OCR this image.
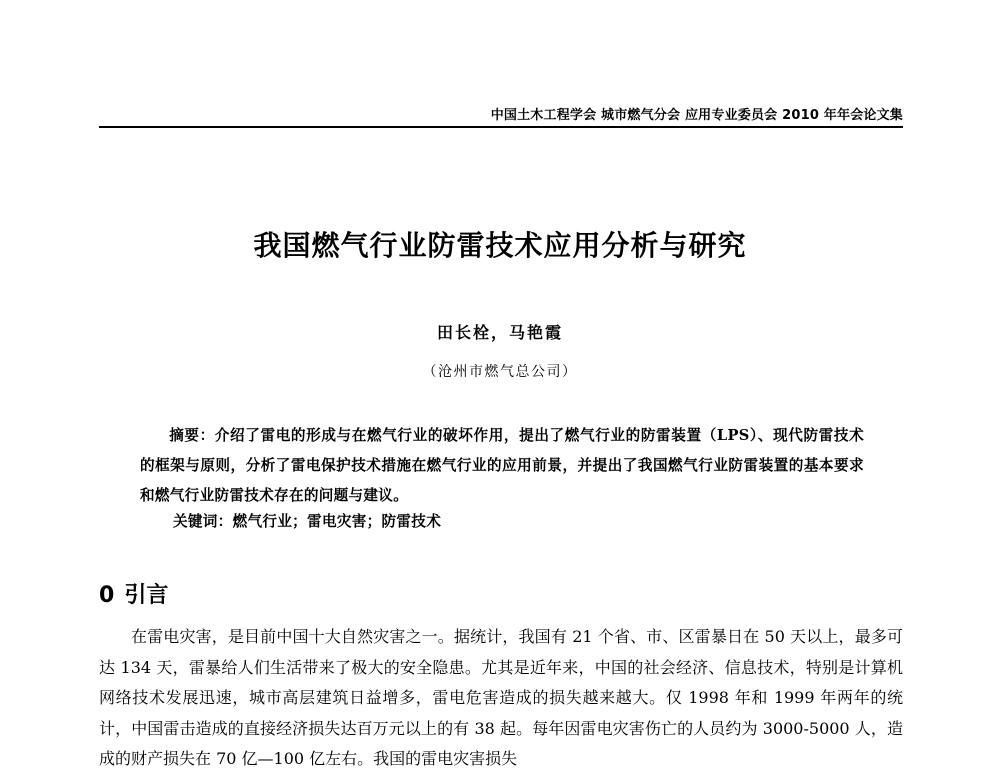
中国土木工程学会 城市燃气分会 应用专业委员会 2010 年年会论文集
我国燃气行业防雷技术应用分析与研究
田长栓，马艳霞
（沧州市燃气总公司）
摘要：介绍了雷电的形成与在燃气行业的破坏作用，提出了燃气行业的防雷装置（LPS）、现代防雷技术的框架与原则，分析了雷电保护技术措施在燃气行业的应用前景，并提出了我国燃气行业防雷装置的基本要求和燃气行业防雷技术存在的问题与建议。
关键词：燃气行业；雷电灾害；防雷技术
0 引言
在雷电灾害，是目前中国十大自然灾害之一。据统计，我国有 21 个省、市、区雷暴日在 50 天以上，最多可达 134 天，雷暴给人们生活带来了极大的安全隐患。尤其是近年来，中国的社会经济、信息技术，特别是计算机网络技术发展迅速，城市高层建筑日益增多，雷电危害造成的损失越来越大。仅 1998 年和 1999 年两年的统计，中国雷击造成的直接经济损失达百万元以上的有 38 起。每年因雷电灾害伤亡的人员约为 3000-5000 人，造成的财产损失在 70 亿—100 亿左右。我国的雷电灾害损失
